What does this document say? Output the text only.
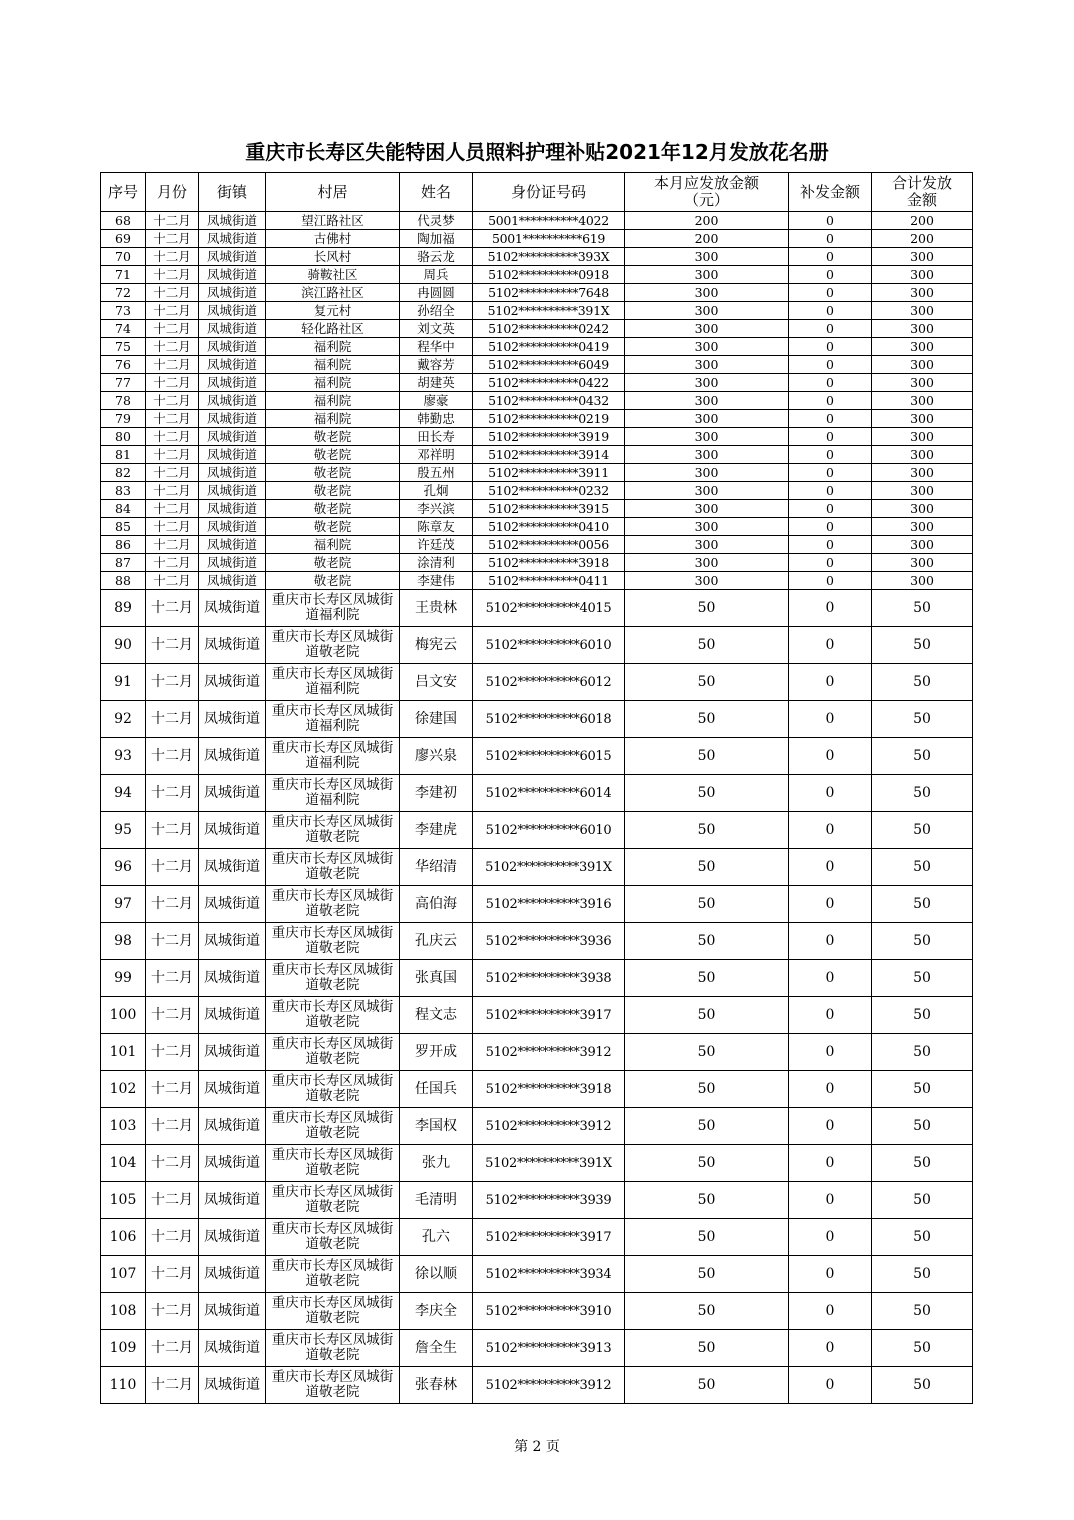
重庆市长寿区失能特困人员照料护理补贴2021年12月发放花名册
序号	月份	街镇	村居	姓名	身份证号码	本月应发放金额（元）	补发金额	合计发放金额

68	十二月	凤城街道	望江路社区	代灵梦	5001**********4022	200	0	200
69	十二月	凤城街道	古佛村	陶加福	5001**********619	200	0	200
70	十二月	凤城街道	长风村	骆云龙	5102**********393X	300	0	300
71	十二月	凤城街道	骑鞍社区	周兵	5102**********0918	300	0	300
72	十二月	凤城街道	滨江路社区	冉圆圆	5102**********7648	300	0	300
73	十二月	凤城街道	复元村	孙绍全	5102**********391X	300	0	300
74	十二月	凤城街道	轻化路社区	刘文英	5102**********0242	300	0	300
75	十二月	凤城街道	福利院	程华中	5102**********0419	300	0	300
76	十二月	凤城街道	福利院	戴容芳	5102**********6049	300	0	300
77	十二月	凤城街道	福利院	胡建英	5102**********0422	300	0	300
78	十二月	凤城街道	福利院	廖豪	5102**********0432	300	0	300
79	十二月	凤城街道	福利院	韩勤忠	5102**********0219	300	0	300
80	十二月	凤城街道	敬老院	田长寿	5102**********3919	300	0	300
81	十二月	凤城街道	敬老院	邓祥明	5102**********3914	300	0	300
82	十二月	凤城街道	敬老院	殷五州	5102**********3911	300	0	300
83	十二月	凤城街道	敬老院	孔炯	5102**********0232	300	0	300
84	十二月	凤城街道	敬老院	李兴滨	5102**********3915	300	0	300
85	十二月	凤城街道	敬老院	陈章友	5102**********0410	300	0	300
86	十二月	凤城街道	福利院	许廷茂	5102**********0056	300	0	300
87	十二月	凤城街道	敬老院	涂清利	5102**********3918	300	0	300
88	十二月	凤城街道	敬老院	李建伟	5102**********0411	300	0	300
89	十二月	凤城街道	重庆市长寿区凤城街道福利院	王贵林	5102**********4015	50	0	50
90	十二月	凤城街道	重庆市长寿区凤城街道敬老院	梅宪云	5102**********6010	50	0	50
91	十二月	凤城街道	重庆市长寿区凤城街道福利院	吕文安	5102**********6012	50	0	50
92	十二月	凤城街道	重庆市长寿区凤城街道福利院	徐建国	5102**********6018	50	0	50
93	十二月	凤城街道	重庆市长寿区凤城街道福利院	廖兴泉	5102**********6015	50	0	50
94	十二月	凤城街道	重庆市长寿区凤城街道福利院	李建初	5102**********6014	50	0	50
95	十二月	凤城街道	重庆市长寿区凤城街道敬老院	李建虎	5102**********6010	50	0	50
96	十二月	凤城街道	重庆市长寿区凤城街道敬老院	华绍清	5102**********391X	50	0	50
97	十二月	凤城街道	重庆市长寿区凤城街道敬老院	高伯海	5102**********3916	50	0	50
98	十二月	凤城街道	重庆市长寿区凤城街道敬老院	孔庆云	5102**********3936	50	0	50
99	十二月	凤城街道	重庆市长寿区凤城街道敬老院	张真国	5102**********3938	50	0	50
100	十二月	凤城街道	重庆市长寿区凤城街道敬老院	程文志	5102**********3917	50	0	50
101	十二月	凤城街道	重庆市长寿区凤城街道敬老院	罗开成	5102**********3912	50	0	50
102	十二月	凤城街道	重庆市长寿区凤城街道敬老院	任国兵	5102**********3918	50	0	50
103	十二月	凤城街道	重庆市长寿区凤城街道敬老院	李国权	5102**********3912	50	0	50
104	十二月	凤城街道	重庆市长寿区凤城街道敬老院	张九	5102**********391X	50	0	50
105	十二月	凤城街道	重庆市长寿区凤城街道敬老院	毛清明	5102**********3939	50	0	50
106	十二月	凤城街道	重庆市长寿区凤城街道敬老院	孔六	5102**********3917	50	0	50
107	十二月	凤城街道	重庆市长寿区凤城街道敬老院	徐以顺	5102**********3934	50	0	50
108	十二月	凤城街道	重庆市长寿区凤城街道敬老院	李庆全	5102**********3910	50	0	50
109	十二月	凤城街道	重庆市长寿区凤城街道敬老院	詹全生	5102**********3913	50	0	50
110	十二月	凤城街道	重庆市长寿区凤城街道敬老院	张春林	5102**********3912	50	0	50
第 2 页
